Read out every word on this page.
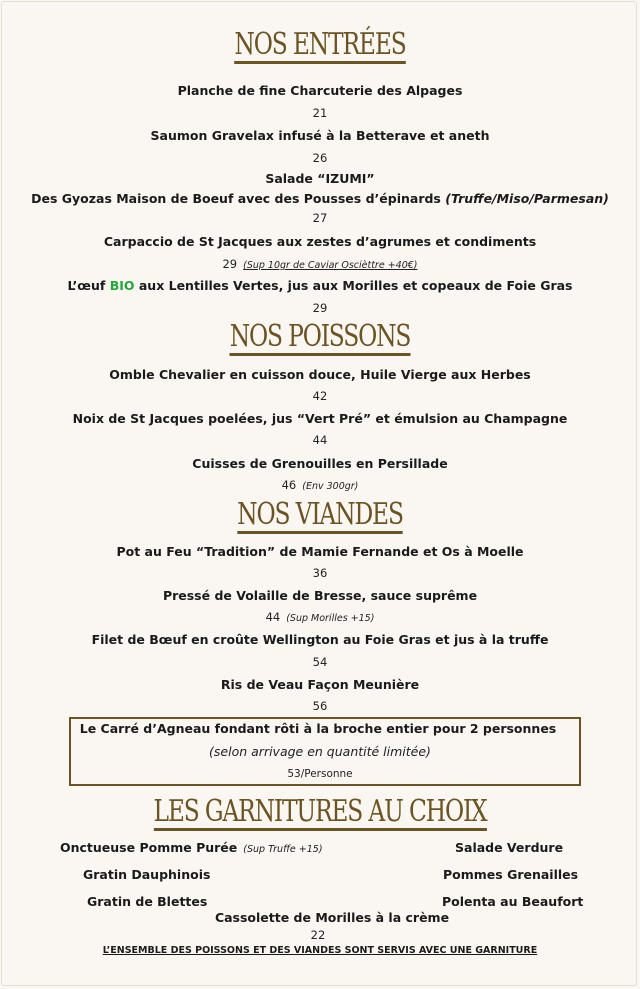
NOS ENTRÉES
Planche de fine Charcuterie des Alpages
21
Saumon Gravelax infusé à la Betterave et aneth
26
Salade “IZUMI”
Des Gyozas Maison de Boeuf avec des Pousses d’épinards (Truffe/Miso/Parmesan)
27
Carpaccio de St Jacques aux zestes d’agrumes et condiments
29 (Sup 10gr de Caviar Oscièttre +40€)
L’œuf BIO aux Lentilles Vertes, jus aux Morilles et copeaux de Foie Gras
29
NOS POISSONS
Omble Chevalier en cuisson douce, Huile Vierge aux Herbes
42
Noix de St Jacques poelées, jus “Vert Pré” et émulsion au Champagne
44
Cuisses de Grenouilles en Persillade
46 (Env 300gr)
NOS VIANDES
Pot au Feu “Tradition” de Mamie Fernande et Os à Moelle
36
Pressé de Volaille de Bresse, sauce suprême
44 (Sup Morilles +15)
Filet de Bœuf en croûte Wellington au Foie Gras et jus à la truffe
54
Ris de Veau Façon Meunière
56
Le Carré d’Agneau fondant rôti à la broche entier pour 2 personnes
(selon arrivage en quantité limitée)
53/Personne
LES GARNITURES AU CHOIX
Onctueuse Pomme Purée (Sup Truffe +15)
Gratin Dauphinois
Gratin de Blettes
Salade Verdure
Pommes Grenailles
Polenta au Beaufort
Cassolette de Morilles à la crème
22
L’ENSEMBLE DES POISSONS ET DES VIANDES SONT SERVIS AVEC UNE GARNITURE
